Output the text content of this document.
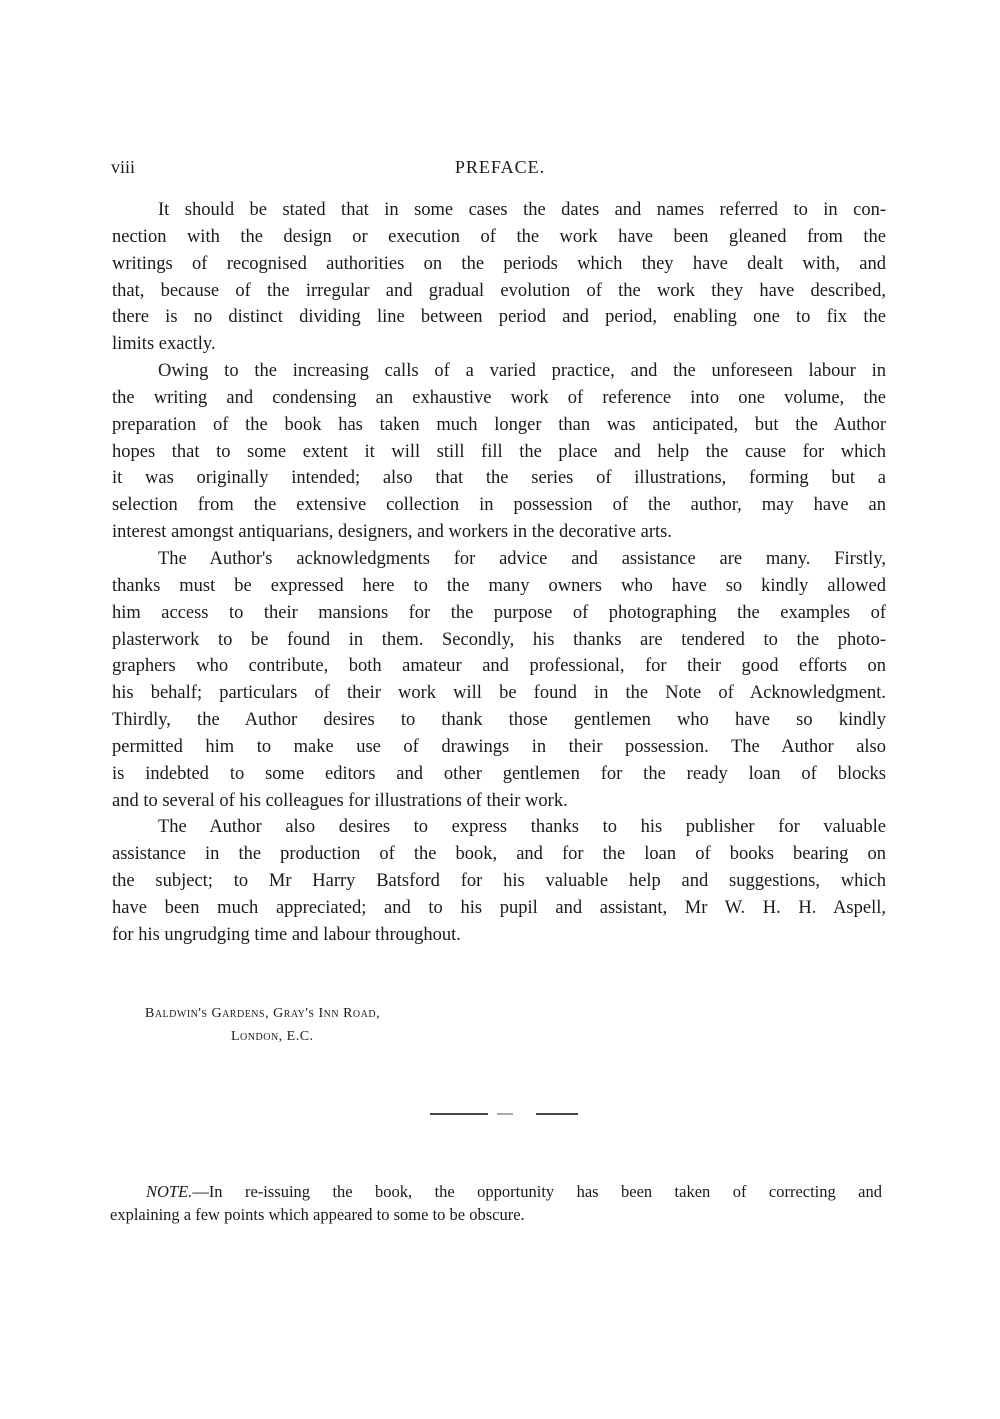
viii	PREFACE.
It should be stated that in some cases the dates and names referred to in con-
nection with the design or execution of the work have been gleaned from the
writings of recognised authorities on the periods which they have dealt with, and
that, because of the irregular and gradual evolution of the work they have described,
there is no distinct dividing line between period and period, enabling one to fix the
limits exactly.
Owing to the increasing calls of a varied practice, and the unforeseen labour in
the writing and condensing an exhaustive work of reference into one volume, the
preparation of the book has taken much longer than was anticipated, but the Author
hopes that to some extent it will still fill the place and help the cause for which
it was originally intended; also that the series of illustrations, forming but a
selection from the extensive collection in possession of the author, may have an
interest amongst antiquarians, designers, and workers in the decorative arts.
The Author's acknowledgments for advice and assistance are many. Firstly,
thanks must be expressed here to the many owners who have so kindly allowed
him access to their mansions for the purpose of photographing the examples of
plasterwork to be found in them. Secondly, his thanks are tendered to the photo-
graphers who contribute, both amateur and professional, for their good efforts on
his behalf; particulars of their work will be found in the Note of Acknowledgment.
Thirdly, the Author desires to thank those gentlemen who have so kindly
permitted him to make use of drawings in their possession. The Author also
is indebted to some editors and other gentlemen for the ready loan of blocks
and to several of his colleagues for illustrations of their work.
The Author also desires to express thanks to his publisher for valuable
assistance in the production of the book, and for the loan of books bearing on
the subject; to Mr Harry Batsford for his valuable help and suggestions, which
have been much appreciated; and to his pupil and assistant, Mr W. H. H. Aspell,
for his ungrudging time and labour throughout.
Baldwin's Gardens, Gray's Inn Road,
London, E.C.
NOTE.—In re-issuing the book, the opportunity has been taken of correcting and
explaining a few points which appeared to some to be obscure.
